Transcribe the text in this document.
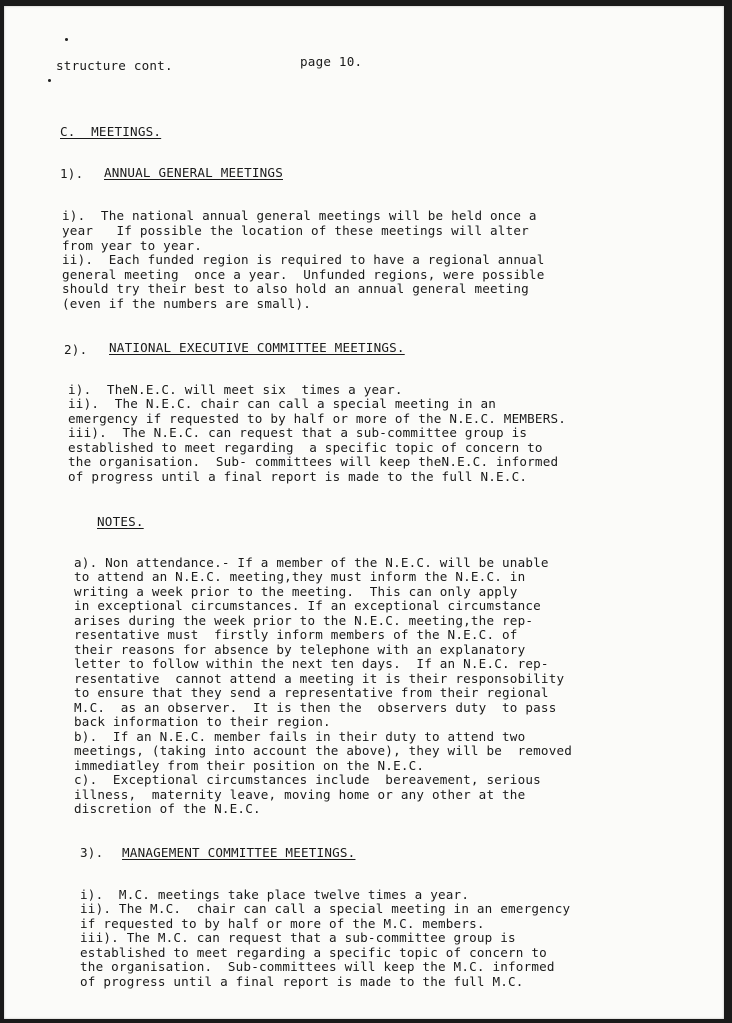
structure cont.	page 10.

C.  MEETINGS.

1). ANNUAL GENERAL MEETINGS

i).  The national annual general meetings will be held once a

year   If possible the location of these meetings will alter

from year to year.

ii).  Each funded region is required to have a regional annual

general meeting  once a year.  Unfunded regions, were possible

should try their best to also hold an annual general meeting

(even if the numbers are small).

2). NATIONAL EXECUTIVE COMMITTEE MEETINGS.

i).  TheN.E.C. will meet six  times a year.

ii).  The N.E.C. chair can call a special meeting in an

emergency if requested to by half or more of the N.E.C. MEMBERS.

iii).  The N.E.C. can request that a sub-committee group is

established to meet regarding  a specific topic of concern to

the organisation.  Sub- committees will keep theN.E.C. informed

of progress until a final report is made to the full N.E.C.

NOTES.

a). Non attendance.- If a member of the N.E.C. will be unable

to attend an N.E.C. meeting,they must inform the N.E.C. in

writing a week prior to the meeting.  This can only apply

in exceptional circumstances. If an exceptional circumstance

arises during the week prior to the N.E.C. meeting,the rep-

resentative must  firstly inform members of the N.E.C. of

their reasons for absence by telephone with an explanatory

letter to follow within the next ten days.  If an N.E.C. rep-

resentative  cannot attend a meeting it is their responsobility

to ensure that they send a representative from their regional

M.C.  as an observer.  It is then the  observers duty  to pass

back information to their region.

b).  If an N.E.C. member fails in their duty to attend two

meetings, (taking into account the above), they will be  removed

immediatley from their position on the N.E.C.

c).  Exceptional circumstances include  bereavement, serious

illness,  maternity leave, moving home or any other at the

discretion of the N.E.C.

3). MANAGEMENT COMMITTEE MEETINGS.

i).  M.C. meetings take place twelve times a year.

ii). The M.C.  chair can call a special meeting in an emergency

if requested to by half or more of the M.C. members.

iii). The M.C. can request that a sub-committee group is

established to meet regarding a specific topic of concern to

the organisation.  Sub-committees will keep the M.C. informed

of progress until a final report is made to the full M.C.
